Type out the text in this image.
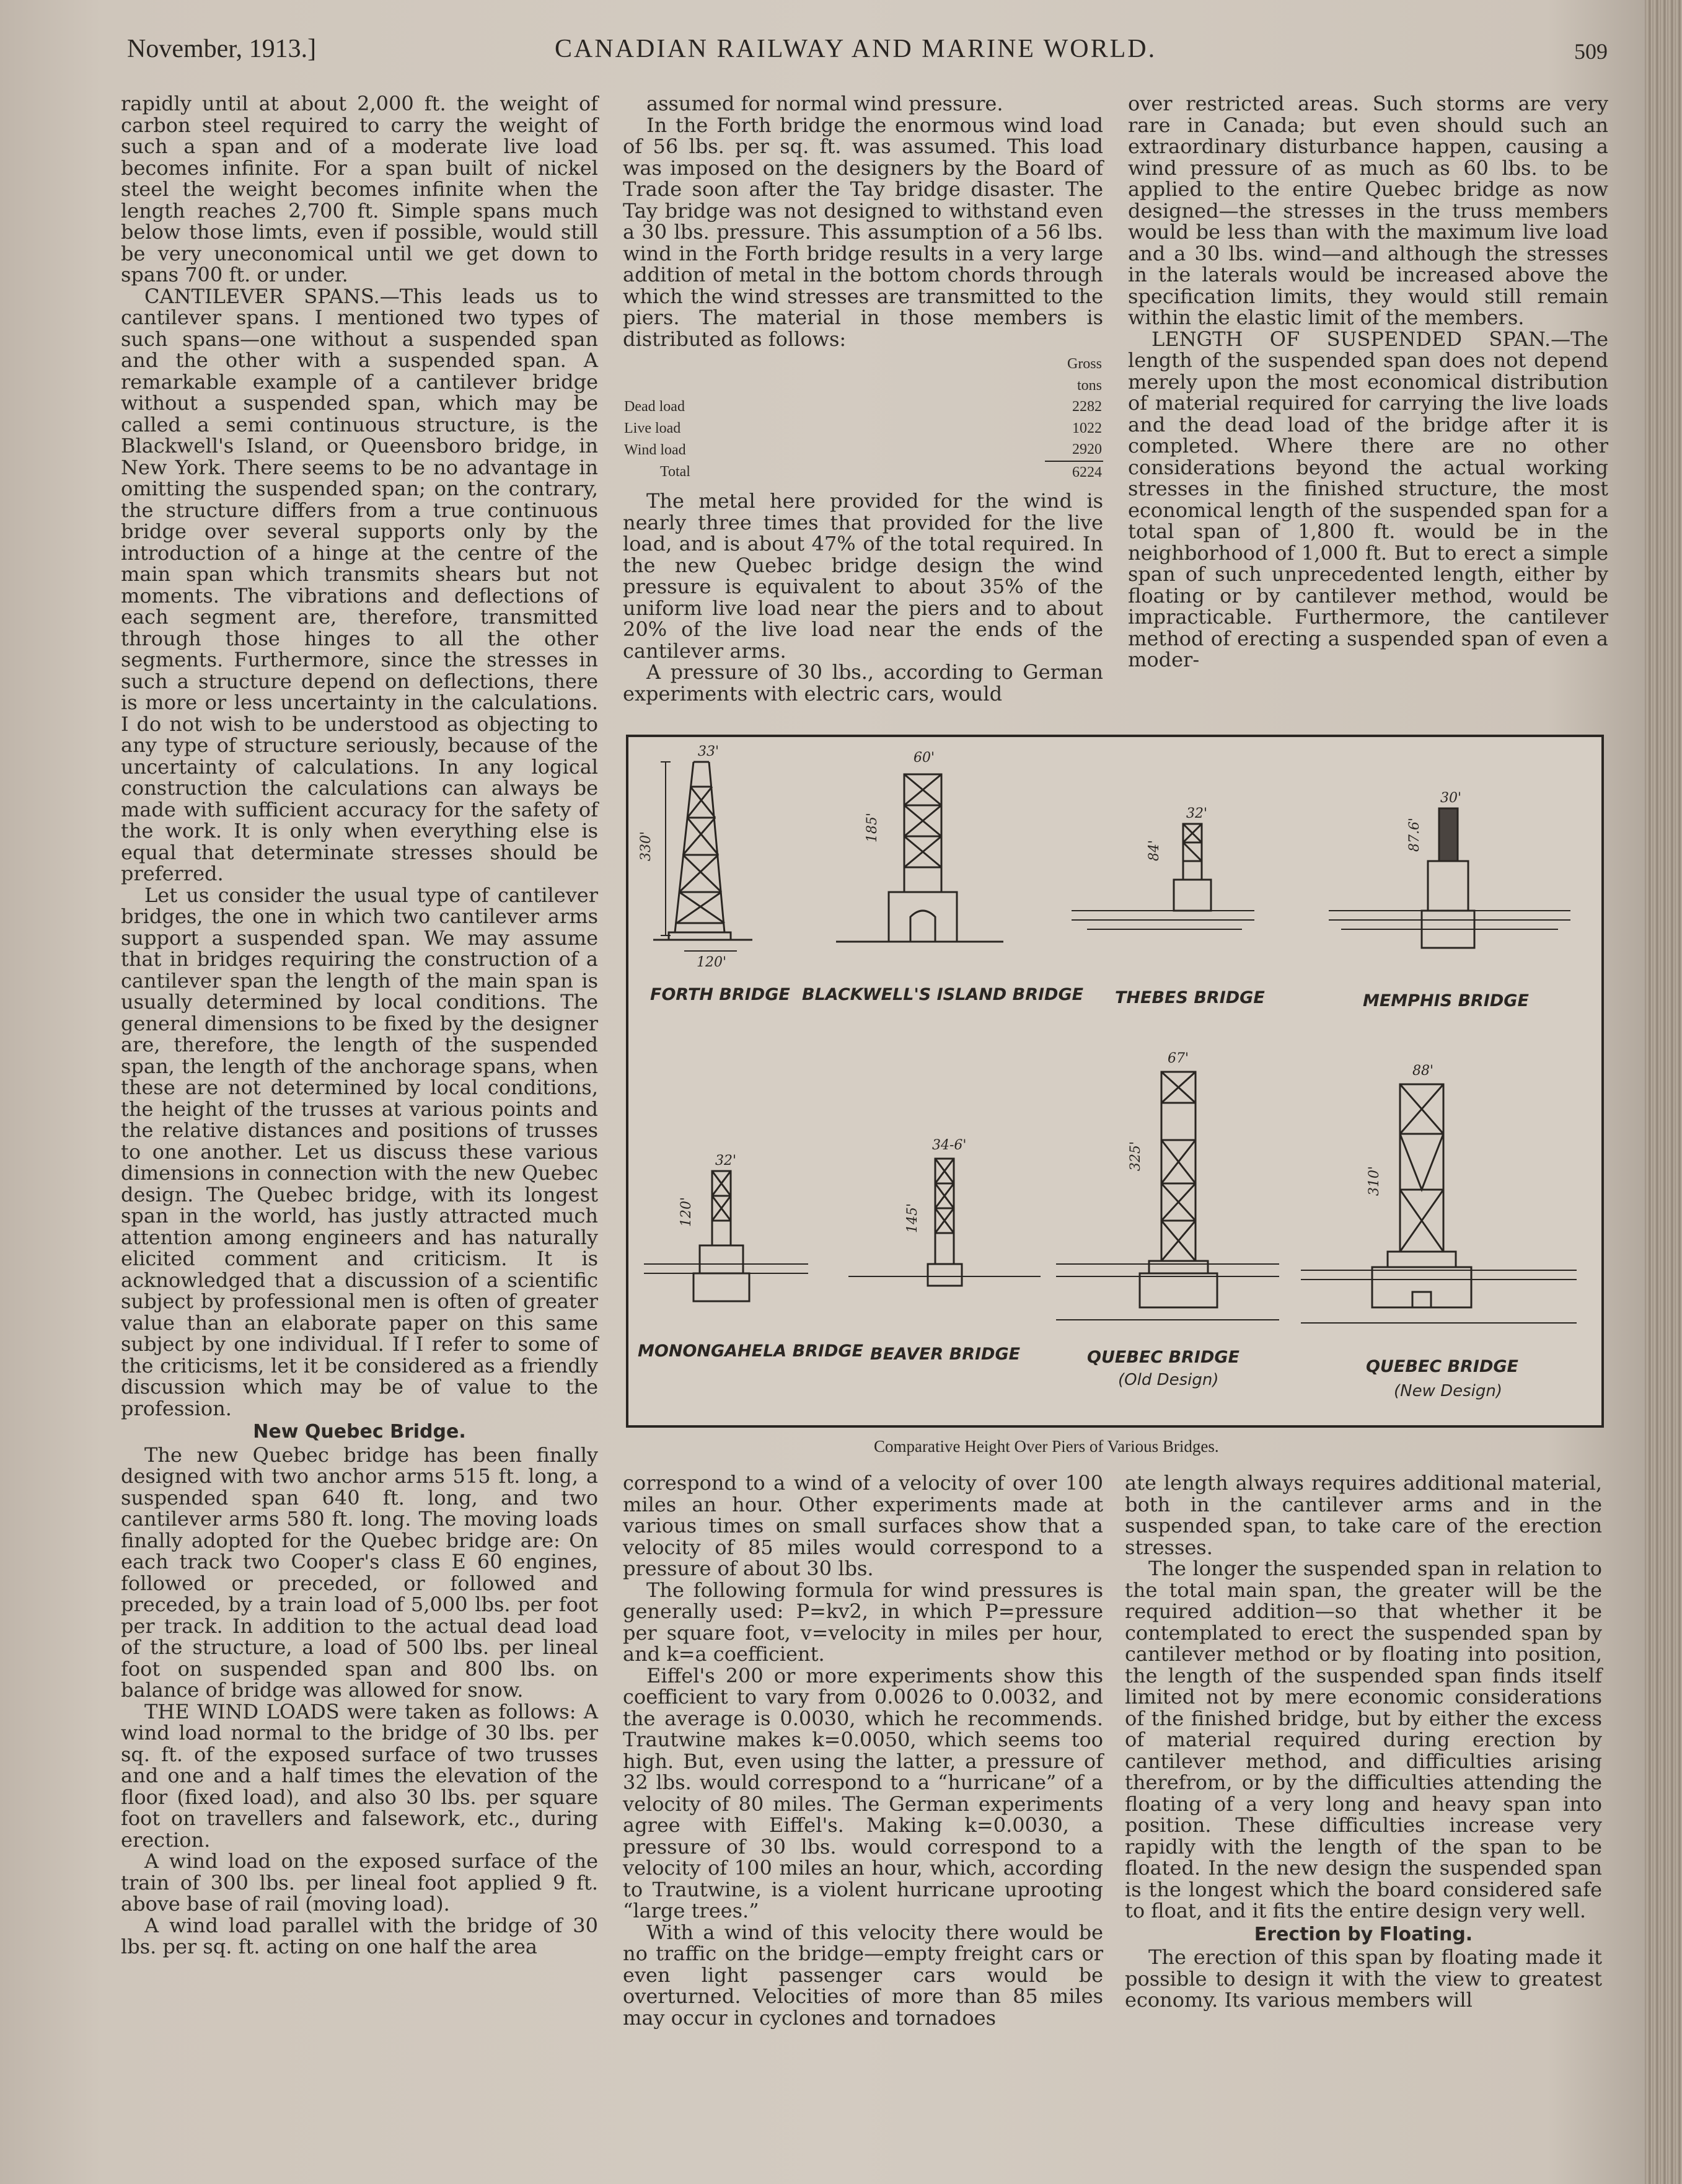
November, 1913.]	CANADIAN RAILWAY AND MARINE WORLD.	509

rapidly until at about 2,000 ft. the weight of carbon steel required to carry the weight of such a span and of a moderate live load becomes infinite. For a span built of nickel steel the weight becomes infinite when the length reaches 2,700 ft. Simple spans much below those limts, even if possible, would still be very uneconomical until we get down to spans 700 ft. or under.

CANTILEVER SPANS.—This leads us to cantilever spans. I mentioned two types of such spans—one without a suspended span and the other with a suspended span. A remarkable example of a cantilever bridge without a suspended span, which may be called a semi continuous structure, is the Blackwell's Island, or Queensboro bridge, in New York. There seems to be no advantage in omitting the suspended span; on the contrary, the structure differs from a true continuous bridge over several supports only by the introduction of a hinge at the centre of the main span which transmits shears but not moments. The vibrations and deflections of each segment are, therefore, transmitted through those hinges to all the other segments. Furthermore, since the stresses in such a structure depend on deflections, there is more or less uncertainty in the calculations. I do not wish to be understood as objecting to any type of structure seriously, because of the uncertainty of calculations. In any logical construction the calculations can always be made with sufficient accuracy for the safety of the work. It is only when everything else is equal that determinate stresses should be preferred.

Let us consider the usual type of cantilever bridges, the one in which two cantilever arms support a suspended span. We may assume that in bridges requiring the construction of a cantilever span the length of the main span is usually determined by local conditions. The general dimensions to be fixed by the designer are, therefore, the length of the suspended span, the length of the anchorage spans, when these are not determined by local conditions, the height of the trusses at various points and the relative distances and positions of trusses to one another. Let us discuss these various dimensions in connection with the new Quebec design. The Quebec bridge, with its longest span in the world, has justly attracted much attention among engineers and has naturally elicited comment and criticism. It is acknowledged that a discussion of a scientific subject by professional men is often of greater value than an elaborate paper on this same subject by one individual. If I refer to some of the criticisms, let it be considered as a friendly discussion which may be of value to the profession.

New Quebec Bridge.

The new Quebec bridge has been finally designed with two anchor arms 515 ft. long, a suspended span 640 ft. long, and two cantilever arms 580 ft. long. The moving loads finally adopted for the Quebec bridge are: On each track two Cooper's class E 60 engines, followed or preceded, or followed and preceded, by a train load of 5,000 lbs. per foot per track. In addition to the actual dead load of the structure, a load of 500 lbs. per lineal foot on suspended span and 800 lbs. on balance of bridge was allowed for snow.

THE WIND LOADS were taken as follows: A wind load normal to the bridge of 30 lbs. per sq. ft. of the exposed surface of two trusses and one and a half times the elevation of the floor (fixed load), and also 30 lbs. per square foot on travellers and falsework, etc., during erection.

A wind load on the exposed surface of the train of 300 lbs. per lineal foot applied 9 ft. above base of rail (moving load).

A wind load parallel with the bridge of 30 lbs. per sq. ft. acting on one half the area

assumed for normal wind pressure.

In the Forth bridge the enormous wind load of 56 lbs. per sq. ft. was assumed. This load was imposed on the designers by the Board of Trade soon after the Tay bridge disaster. The Tay bridge was not designed to withstand even a 30 lbs. pressure. This assumption of a 56 lbs. wind in the Forth bridge results in a very large addition of metal in the bottom chords through which the wind stresses are transmitted to the piers. The material in those members is distributed as follows:

	Gross tons
Dead load	2282
Live load	1022
Wind load	2920
Total	6224

The metal here provided for the wind is nearly three times that provided for the live load, and is about 47% of the total required. In the new Quebec bridge design the wind pressure is equivalent to about 35% of the uniform live load near the piers and to about 20% of the live load near the ends of the cantilever arms.

A pressure of 30 lbs., according to German experiments with electric cars, would

over restricted areas. Such storms are very rare in Canada; but even should such an extraordinary disturbance happen, causing a wind pressure of as much as 60 lbs. to be applied to the entire Quebec bridge as now designed—the stresses in the truss members would be less than with the maximum live load and a 30 lbs. wind—and although the stresses in the laterals would be increased above the specification limits, they would still remain within the elastic limit of the members.

LENGTH OF SUSPENDED SPAN.—The length of the suspended span does not depend merely upon the most economical distribution of material required for carrying the live loads and the dead load of the bridge after it is completed. Where there are no other considerations beyond the actual working stresses in the finished structure, the most economical length of the suspended span for a total span of 1,800 ft. would be in the neighborhood of 1,000 ft. But to erect a simple span of such unprecedented length, either by floating or by cantilever method, would be impracticable. Furthermore, the cantilever method of erecting a suspended span of even a moder-

330'
33'
120'
185'
60'
84'
32'
87.6'
30'
120'
32'
145'
34-6'	325'
67'
310'
88'
FORTH BRIDGE BLACKWELL'S ISLAND BRIDGE THEBES BRIDGE	MEMPHIS BRIDGE
MONONGAHELA BRIDGE BEAVER BRIDGE	QUEBEC BRIDGE
(Old Design)
QUEBEC BRIDGE
(New Design)
Comparative Height Over Piers of Various Bridges.

correspond to a wind of a velocity of over 100 miles an hour. Other experiments made at various times on small surfaces show that a velocity of 85 miles would correspond to a pressure of about 30 lbs.

The following formula for wind pressures is generally used: P=kv2, in which P=pressure per square foot, v=velocity in miles per hour, and k=a coefficient.

Eiffel's 200 or more experiments show this coefficient to vary from 0.0026 to 0.0032, and the average is 0.0030, which he recommends. Trautwine makes k=0.0050, which seems too high. But, even using the latter, a pressure of 32 lbs. would correspond to a “hurricane” of a velocity of 80 miles. The German experiments agree with Eiffel's. Making k=0.0030, a pressure of 30 lbs. would correspond to a velocity of 100 miles an hour, which, according to Trautwine, is a violent hurricane uprooting “large trees.”

With a wind of this velocity there would be no traffic on the bridge—empty freight cars or even light passenger cars would be overturned. Velocities of more than 85 miles may occur in cyclones and tornadoes

ate length always requires additional material, both in the cantilever arms and in the suspended span, to take care of the erection stresses.

The longer the suspended span in relation to the total main span, the greater will be the required addition—so that whether it be contemplated to erect the suspended span by cantilever method or by floating into position, the length of the suspended span finds itself limited not by mere economic considerations of the finished bridge, but by either the excess of material required during erection by cantilever method, and difficulties arising therefrom, or by the difficulties attending the floating of a very long and heavy span into position. These difficulties increase very rapidly with the length of the span to be floated. In the new design the suspended span is the longest which the board considered safe to float, and it fits the entire design very well.

Erection by Floating.

The erection of this span by floating made it possible to design it with the view to greatest economy. Its various members will
